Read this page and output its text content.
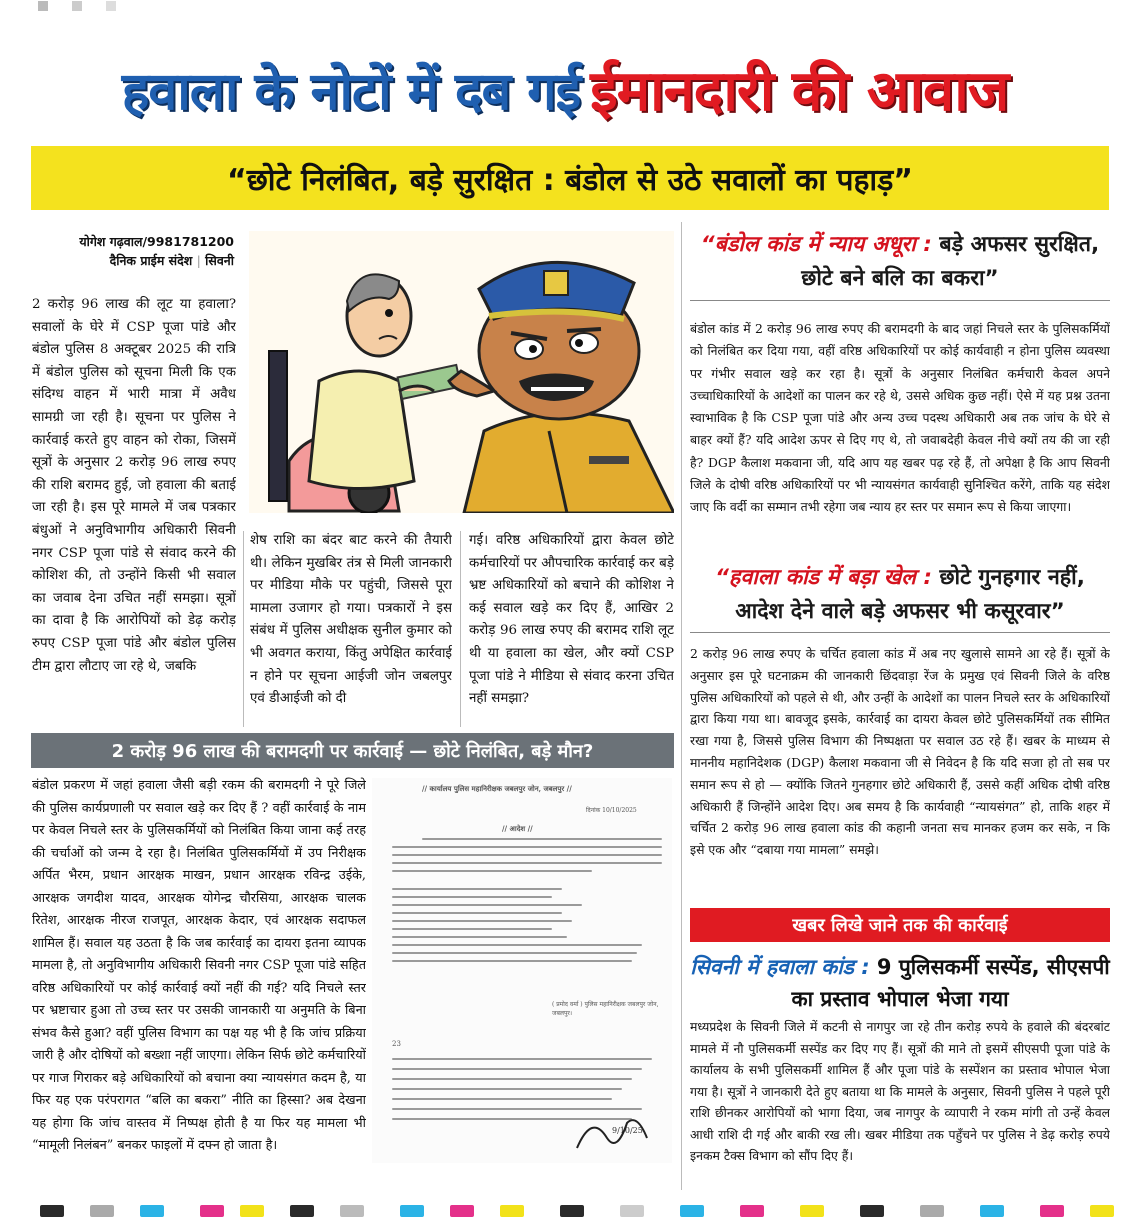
हवाला के नोटों में दब गई ईमानदारी की आवाज
“छोटे निलंबित, बड़े सुरक्षित : बंडोल से उठे सवालों का पहाड़”
योगेश गढ़वाल/9981781200
दैनिक प्राईम संदेश | सिवनी
2 करोड़ 96 लाख की लूट या हवाला? सवालों के घेरे में CSP पूजा पांडे और बंडोल पुलिस 8 अक्टूबर 2025 की रात्रि में बंडोल पुलिस को सूचना मिली कि एक संदिग्ध वाहन में भारी मात्रा में अवैध सामग्री जा रही है। सूचना पर पुलिस ने कार्रवाई करते हुए वाहन को रोका, जिसमें सूत्रों के अनुसार 2 करोड़ 96 लाख रुपए की राशि बरामद हुई, जो हवाला की बताई जा रही है। इस पूरे मामले में जब पत्रकार बंधुओं ने अनुविभागीय अधिकारी सिवनी नगर CSP पूजा पांडे से संवाद करने की कोशिश की, तो उन्होंने किसी भी सवाल का जवाब देना उचित नहीं समझा। सूत्रों का दावा है कि आरोपियों को डेढ़ करोड़ रुपए CSP पूजा पांडे और बंडोल पुलिस टीम द्वारा लौटाए जा रहे थे, जबकि
शेष राशि का बंदर बाट करने की तैयारी थी। लेकिन मुखबिर तंत्र से मिली जानकारी पर मीडिया मौके पर पहुंची, जिससे पूरा मामला उजागर हो गया। पत्रकारों ने इस संबंध में पुलिस अधीक्षक सुनील कुमार को भी अवगत कराया, किंतु अपेक्षित कार्रवाई न होने पर सूचना आईजी जोन जबलपुर एवं डीआईजी को दी
गई। वरिष्ठ अधिकारियों द्वारा केवल छोटे कर्मचारियों पर औपचारिक कार्रवाई कर बड़े भ्रष्ट अधिकारियों को बचाने की कोशिश ने कई सवाल खड़े कर दिए हैं, आखिर 2 करोड़ 96 लाख रुपए की बरामद राशि लूट थी या हवाला का खेल, और क्यों CSP पूजा पांडे ने मीडिया से संवाद करना उचित नहीं समझा?
2 करोड़ 96 लाख की बरामदगी पर कार्रवाई — छोटे निलंबित, बड़े मौन?
बंडोल प्रकरण में जहां हवाला जैसी बड़ी रकम की बरामदगी ने पूरे जिले की पुलिस कार्यप्रणाली पर सवाल खड़े कर दिए हैं ? वहीं कार्रवाई के नाम पर केवल निचले स्तर के पुलिसकर्मियों को निलंबित किया जाना कई तरह की चर्चाओं को जन्म दे रहा है। निलंबित पुलिसकर्मियों में उप निरीक्षक अर्पित भैरम, प्रधान आरक्षक माखन, प्रधान आरक्षक रविन्द्र उईके, आरक्षक जगदीश यादव, आरक्षक योगेन्द्र चौरसिया, आरक्षक चालक रितेश, आरक्षक नीरज राजपूत, आरक्षक केदार, एवं आरक्षक सदाफल शामिल हैं। सवाल यह उठता है कि जब कार्रवाई का दायरा इतना व्यापक मामला है, तो अनुविभागीय अधिकारी सिवनी नगर CSP पूजा पांडे सहित वरिष्ठ अधिकारियों पर कोई कार्रवाई क्यों नहीं की गई? यदि निचले स्तर पर भ्रष्टाचार हुआ तो उच्च स्तर पर उसकी जानकारी या अनुमति के बिना संभव कैसे हुआ? वहीं पुलिस विभाग का पक्ष यह भी है कि जांच प्रक्रिया जारी है और दोषियों को बख्शा नहीं जाएगा। लेकिन सिर्फ छोटे कर्मचारियों पर गाज गिराकर बड़े अधिकारियों को बचाना क्या न्यायसंगत कदम है, या फिर यह एक परंपरागत “बलि का बकरा” नीति का हिस्सा? अब देखना यह होगा कि जांच वास्तव में निष्पक्ष होती है या फिर यह मामला भी “मामूली निलंबन” बनकर फाइलों में दफ्न हो जाता है।
// कार्यालय पुलिस महानिरीक्षक जबलपुर जोन, जबलपुर //
दिनांक 10/10/2025
// आदेश //
( प्रमोद वर्मा ) पुलिस महानिरीक्षक जबलपुर जोन, जबलपुर।
23
9/10/25
“बंडोल कांड में न्याय अधूरा : बड़े अफसर सुरक्षित, छोटे बने बलि का बकरा”
बंडोल कांड में 2 करोड़ 96 लाख रुपए की बरामदगी के बाद जहां निचले स्तर के पुलिसकर्मियों को निलंबित कर दिया गया, वहीं वरिष्ठ अधिकारियों पर कोई कार्यवाही न होना पुलिस व्यवस्था पर गंभीर सवाल खड़े कर रहा है। सूत्रों के अनुसार निलंबित कर्मचारी केवल अपने उच्चाधिकारियों के आदेशों का पालन कर रहे थे, उससे अधिक कुछ नहीं। ऐसे में यह प्रश्न उतना स्वाभाविक है कि CSP पूजा पांडे और अन्य उच्च पदस्थ अधिकारी अब तक जांच के घेरे से बाहर क्यों हैं? यदि आदेश ऊपर से दिए गए थे, तो जवाबदेही केवल नीचे क्यों तय की जा रही है? DGP कैलाश मकवाना जी, यदि आप यह खबर पढ़ रहे हैं, तो अपेक्षा है कि आप सिवनी जिले के दोषी वरिष्ठ अधिकारियों पर भी न्यायसंगत कार्यवाही सुनिश्चित करेंगे, ताकि यह संदेश जाए कि वर्दी का सम्मान तभी रहेगा जब न्याय हर स्तर पर समान रूप से किया जाएगा।
“हवाला कांड में बड़ा खेल : छोटे गुनहगार नहीं, आदेश देने वाले बड़े अफसर भी कसूरवार”
2 करोड़ 96 लाख रुपए के चर्चित हवाला कांड में अब नए खुलासे सामने आ रहे हैं। सूत्रों के अनुसार इस पूरे घटनाक्रम की जानकारी छिंदवाड़ा रेंज के प्रमुख एवं सिवनी जिले के वरिष्ठ पुलिस अधिकारियों को पहले से थी, और उन्हीं के आदेशों का पालन निचले स्तर के अधिकारियों द्वारा किया गया था। बावजूद इसके, कार्रवाई का दायरा केवल छोटे पुलिसकर्मियों तक सीमित रखा गया है, जिससे पुलिस विभाग की निष्पक्षता पर सवाल उठ रहे हैं। खबर के माध्यम से माननीय महानिदेशक (DGP) कैलाश मकवाना जी से निवेदन है कि यदि सजा हो तो सब पर समान रूप से हो — क्योंकि जितने गुनहगार छोटे अधिकारी हैं, उससे कहीं अधिक दोषी वरिष्ठ अधिकारी हैं जिन्होंने आदेश दिए। अब समय है कि कार्यवाही “न्यायसंगत” हो, ताकि शहर में चर्चित 2 करोड़ 96 लाख हवाला कांड की कहानी जनता सच मानकर हजम कर सके, न कि इसे एक और “दबाया गया मामला” समझे।
खबर लिखे जाने तक की कार्रवाई
सिवनी में हवाला कांड : 9 पुलिसकर्मी सस्पेंड, सीएसपी का प्रस्ताव भोपाल भेजा गया
मध्यप्रदेश के सिवनी जिले में कटनी से नागपुर जा रहे तीन करोड़ रुपये के हवाले की बंदरबांट मामले में नौ पुलिसकर्मी सस्पेंड कर दिए गए हैं। सूत्रों की माने तो इसमें सीएसपी पूजा पांडे के कार्यालय के सभी पुलिसकर्मी शामिल हैं और पूजा पांडे के सस्पेंशन का प्रस्ताव भोपाल भेजा गया है। सूत्रों ने जानकारी देते हुए बताया था कि मामले के अनुसार, सिवनी पुलिस ने पहले पूरी राशि छीनकर आरोपियों को भागा दिया, जब नागपुर के व्यापारी ने रकम मांगी तो उन्हें केवल आधी राशि दी गई और बाकी रख ली। खबर मीडिया तक पहुँचने पर पुलिस ने डेढ़ करोड़ रुपये इनकम टैक्स विभाग को सौंप दिए हैं।
